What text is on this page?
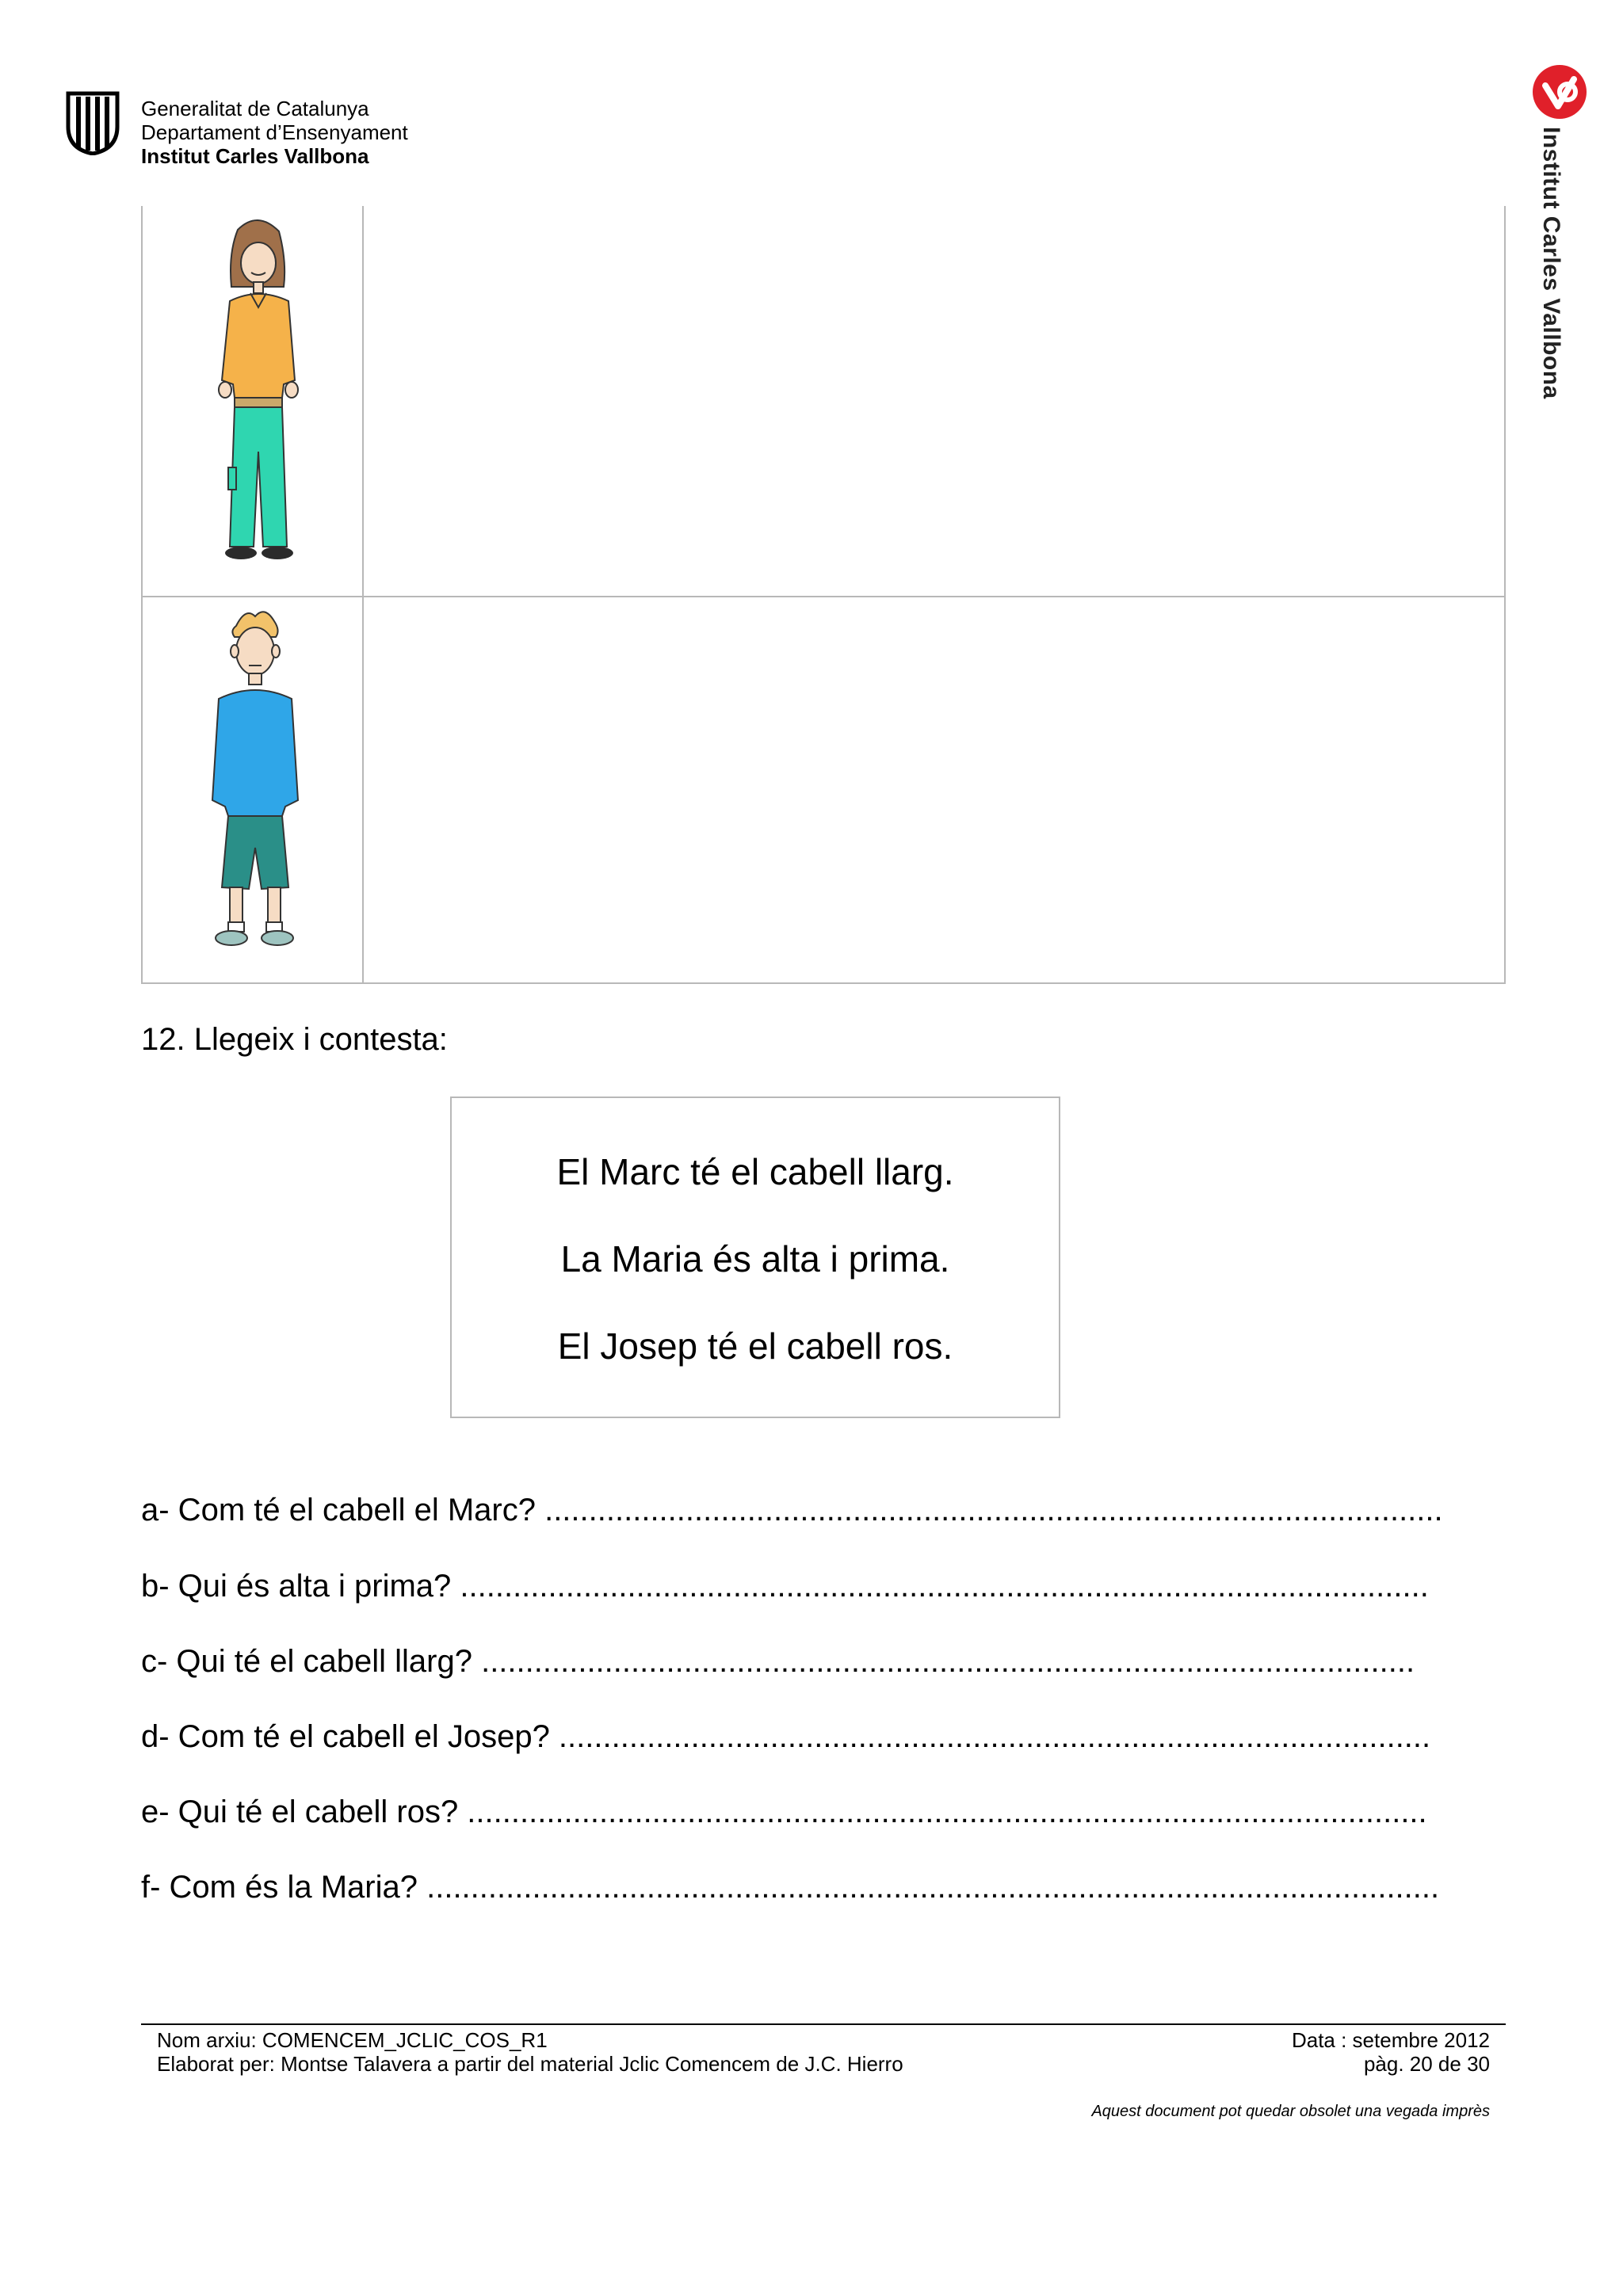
Generalitat de Catalunya
Departament d’Ensenyament
Institut Carles Vallbona	Institut Carles Vallbona
12. Llegeix i contesta:
El Marc té el cabell llarg.
La Maria és alta i prima.
El Josep té el cabell ros.
a- Com té el cabell el Marc? ......................................................................................................
b- Qui és alta i prima? ..............................................................................................................
c- Qui té el cabell llarg? ..........................................................................................................
d- Com té el cabell el Josep? ...................................................................................................
e- Qui té el cabell ros? .............................................................................................................
f- Com és la Maria? ...................................................................................................................
Nom arxiu: COMENCEM_JCLIC_COS_R1
Elaborat per: Montse Talavera a partir del material Jclic Comencem de J.C. Hierro
Data : setembre 2012
pàg. 20 de 30
Aquest document pot quedar obsolet una vegada imprès
